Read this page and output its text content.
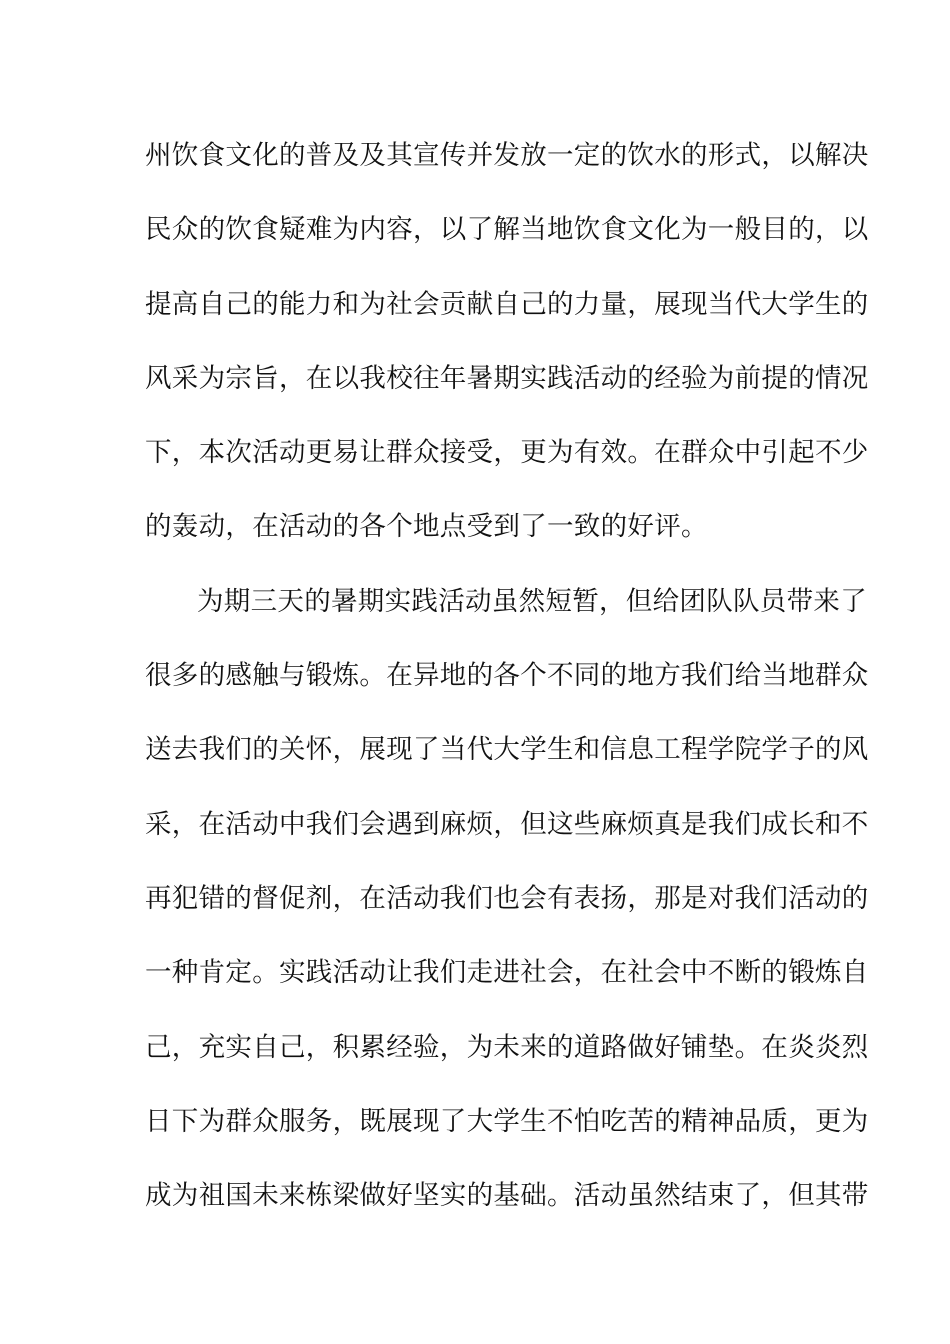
州饮食文化的普及及其宣传并发放一定的饮水的形式，以解决
民众的饮食疑难为内容，以了解当地饮食文化为一般目的，以
提高自己的能力和为社会贡献自己的力量，展现当代大学生的
风采为宗旨，在以我校往年暑期实践活动的经验为前提的情况
下，本次活动更易让群众接受，更为有效。在群众中引起不少
的轰动，在活动的各个地点受到了一致的好评。
为期三天的暑期实践活动虽然短暂，但给团队队员带来了
很多的感触与锻炼。在异地的各个不同的地方我们给当地群众
送去我们的关怀，展现了当代大学生和信息工程学院学子的风
采，在活动中我们会遇到麻烦，但这些麻烦真是我们成长和不
再犯错的督促剂，在活动我们也会有表扬，那是对我们活动的
一种肯定。实践活动让我们走进社会，在社会中不断的锻炼自
己，充实自己，积累经验，为未来的道路做好铺垫。在炎炎烈
日下为群众服务，既展现了大学生不怕吃苦的精神品质，更为
成为祖国未来栋梁做好坚实的基础。活动虽然结束了，但其带
